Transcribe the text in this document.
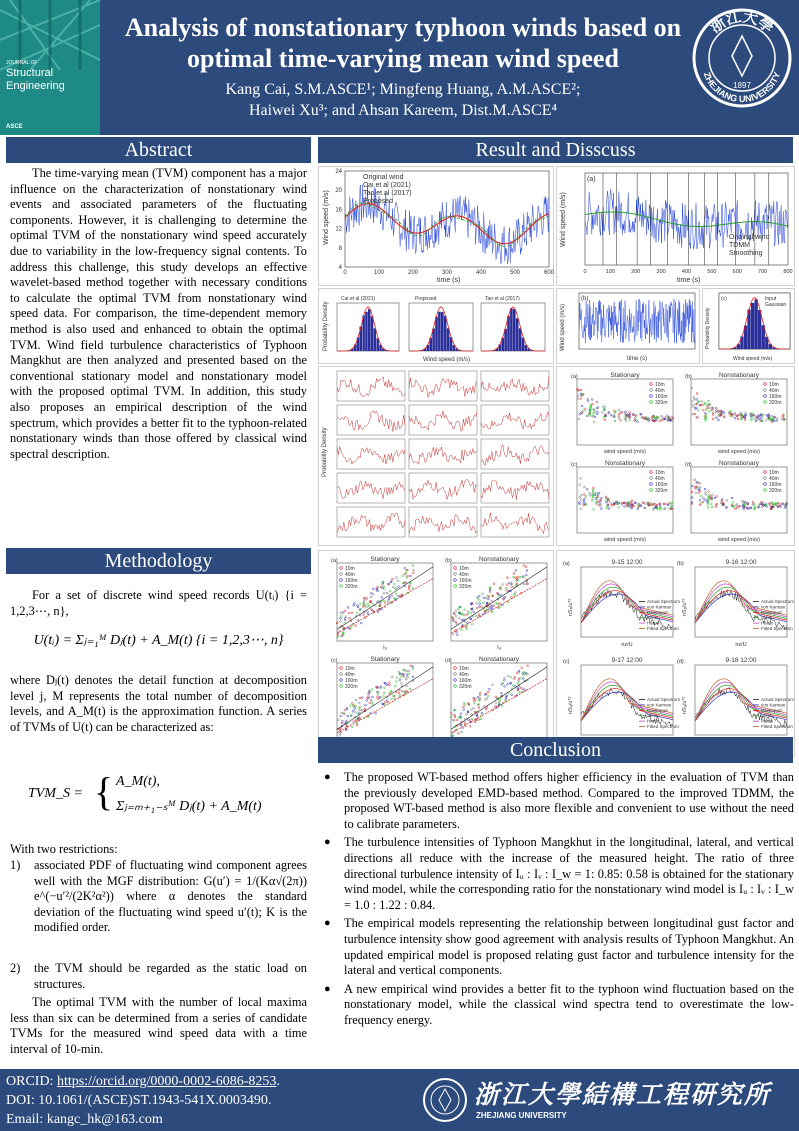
JOURNAL OF
Structural
Engineering
ASCE
Analysis of nonstationary typhoon winds based on
optimal time-varying mean wind speed
Kang Cai, S.M.ASCE¹; Mingfeng Huang, A.M.ASCE²;
Haiwei Xu³; and Ahsan Kareem, Dist.M.ASCE⁴
浙江大學
ZHEJIANG UNIVERSITY
1897
Abstract
The time-varying mean (TVM) component has a major influence on the characterization of nonstationary wind events and associated parameters of the fluctuating components. However, it is challenging to determine the optimal TVM of the nonstationary wind speed accurately due to variability in the low-frequency signal contents. To address this challenge, this study develops an effective wavelet-based method together with necessary conditions to calculate the optimal TVM from nonstationary wind speed data. For comparison, the time-dependent memory method is also used and enhanced to obtain the optimal TVM. Wind field turbulence characteristics of Typhoon Mangkhut are then analyzed and presented based on the conventional stationary model and nonstationary model with the proposed optimal TVM. In addition, this study also proposes an empirical description of the wind spectrum, which provides a better fit to the typhoon-related nonstationary winds than those offered by classical wind spectral description.
Methodology
For a set of discrete wind speed records U(tᵢ) {i = 1,2,3⋯, n},
U(tᵢ) = Σⱼ₌₁ᴹ Dⱼ(t) + A_M(t) {i = 1,2,3⋯, n}
where Dⱼ(t) denotes the detail function at decomposition level j, M represents the total number of decomposition levels, and A_M(t) is the approximation function. A series of TVMs of U(t) can be characterized as:
TVM_S = { A_M(t),
Σⱼ₌ₘ₊₁₋ₛᴹ Dⱼ(t) + A_M(t)
With two restrictions:
1)	associated PDF of fluctuating wind component agrees well with the MGF distribution: G(u′) = 1/(Kα√(2π)) e^(−u′²/(2K²α²)) where α denotes the standard deviation of the fluctuating wind speed u′(t); K is the modified order.
2)	the TVM should be regarded as the static load on structures.
The optimal TVM with the number of local maxima less than six can be determined from a series of candidate TVMs for the measured wind speed data with a time interval of 10-min.
Result and Disscuss
Wind speed (m/s)
time (s)
Original wind
Cai et al (2021)
Tao et al (2017)
Proposed
0	100	200	300	400	500	600
4
8
12
16
20
24
Wind speed (m/s)
time (s)
(a)
Original wind
TDMM
Smoothing
0	100	200	300	400	500	600	700	800
Probability Density
Wind speed (m/s)
Cai et al (2021)	Proposed	Tao et al (2017)
Wind speed (m/s)
time (s)
(b)
Probability Density
Wind speed (m/s)
(c)	Input
Gaussian
Probability Density
(a)	Stationary
wind speed (m/s)
10m
40m
160m
320m
(b)	Nonstationary
wind speed (m/s)
10m
40m
160m
320m
(c)	Nonstationary
wind speed (m/s)
10m
40m
160m
320m
(d)	Nonstationary
wind speed (m/s)
10m
40m
160m
320m
(a)	Stationary
Iᵤ
10m
40m
160m
320m
(b)	Nonstationary
Iᵤ
10m
40m
160m
320m
(c)	Stationary
10m
40m
160m
320m
(d)	Nonstationary
10m
40m
160m
320m
(a)	9-15 12:00
nz/U
nSᵤ/u*²	Actual Spectrum
von Karman
Davenport
Simiu
Harris
Fitted Spectrum
(b)	9-16 12:00
nz/U
nSᵤ/u*²	Actual Spectrum
von Karman
Davenport
Simiu
Harris
Fitted Spectrum
(c)	9-17 12:00
nSᵤ/u*²	Actual Spectrum
von Karman
Davenport
Simiu
Harris
Fitted Spectrum
(d)	9-18 12:00
nSᵤ/u*²	Actual Spectrum
von Karman
Davenport
Simiu
Harris
Fitted Spectrum
Conclusion
● The proposed WT-based method offers higher efficiency in the evaluation of TVM than the previously developed EMD-based method. Compared to the improved TDMM, the proposed WT-based method is also more flexible and convenient to use without the need to calibrate parameters.
● The turbulence intensities of Typhoon Mangkhut in the longitudinal, lateral, and vertical directions all reduce with the increase of the measured height. The ratio of three directional turbulence intensity of Iᵤ : Iᵥ : I_w = 1: 0.85: 0.58 is obtained for the stationary wind model, while the corresponding ratio for the nonstationary wind model is Iᵤ : Iᵥ : I_w = 1.0 : 1.22 : 0.84.
● The empirical models representing the relationship between longitudinal gust factor and turbulence intensity show good agreement with analysis results of Typhoon Mangkhut. An updated empirical model is proposed relating gust factor and turbulence intensity for the lateral and vertical components.
● A new empirical wind provides a better fit to the typhoon wind fluctuation based on the nonstationary model, while the classical wind spectra tend to overestimate the low-frequency energy.
ORCID: https://orcid.org/0000-0002-6086-8253.
DOI: 10.1061/(ASCE)ST.1943-541X.0003490.
Email: kangc_hk@163.com
浙江大學結構工程研究所
ZHEJIANG UNIVERSITY
